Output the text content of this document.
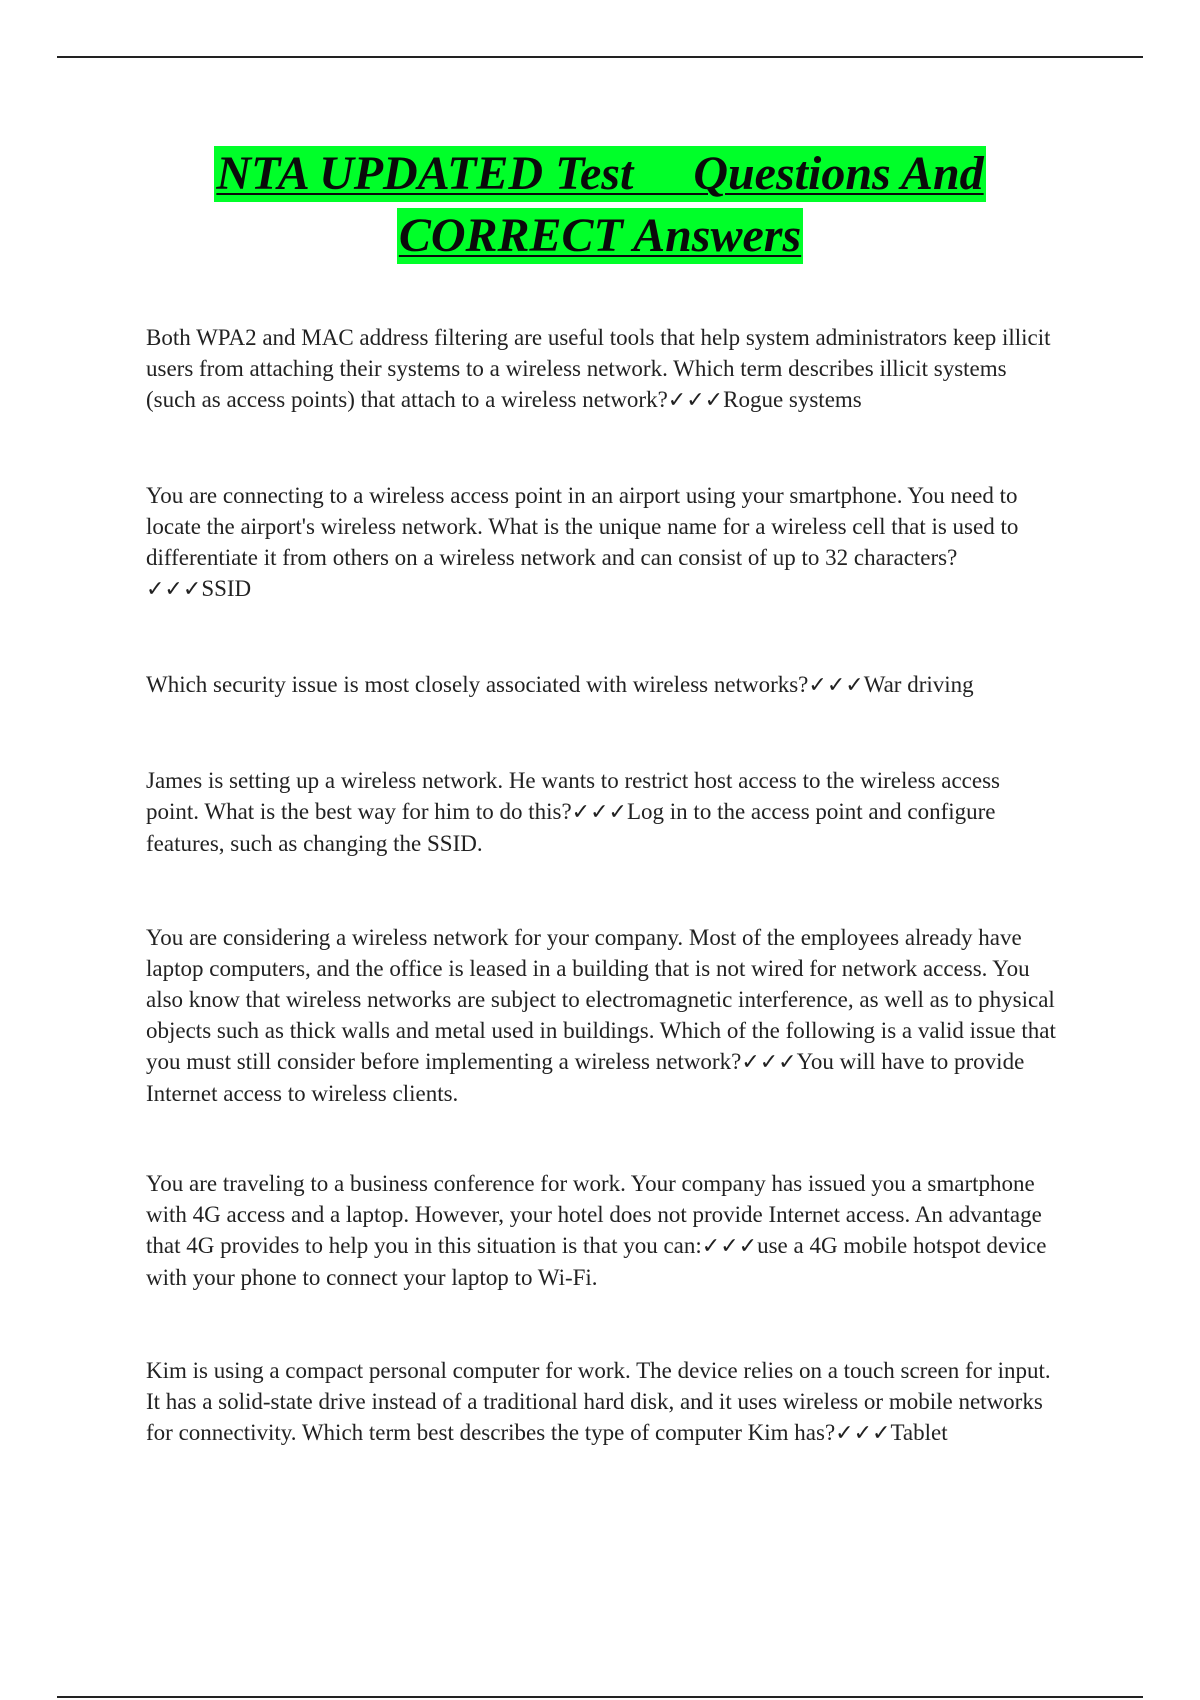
NTA UPDATED Test     Questions And
CORRECT Answers

Both WPA2 and MAC address filtering are useful tools that help system administrators keep illicit users from attaching their systems to a wireless network. Which term describes illicit systems (such as access points) that attach to a wireless network?✓✓✓Rogue systems

You are connecting to a wireless access point in an airport using your smartphone. You need to locate the airport's wireless network. What is the unique name for a wireless cell that is used to differentiate it from others on a wireless network and can consist of up to 32 characters?✓✓✓SSID

Which security issue is most closely associated with wireless networks?✓✓✓War driving

James is setting up a wireless network. He wants to restrict host access to the wireless access point. What is the best way for him to do this?✓✓✓Log in to the access point and configure features, such as changing the SSID.

You are considering a wireless network for your company. Most of the employees already have laptop computers, and the office is leased in a building that is not wired for network access. You also know that wireless networks are subject to electromagnetic interference, as well as to physical objects such as thick walls and metal used in buildings. Which of the following is a valid issue that you must still consider before implementing a wireless network?✓✓✓You will have to provide Internet access to wireless clients.

You are traveling to a business conference for work. Your company has issued you a smartphone with 4G access and a laptop. However, your hotel does not provide Internet access. An advantage that 4G provides to help you in this situation is that you can:✓✓✓use a 4G mobile hotspot device with your phone to connect your laptop to Wi-Fi.

Kim is using a compact personal computer for work. The device relies on a touch screen for input. It has a solid-state drive instead of a traditional hard disk, and it uses wireless or mobile networks for connectivity. Which term best describes the type of computer Kim has?✓✓✓Tablet
